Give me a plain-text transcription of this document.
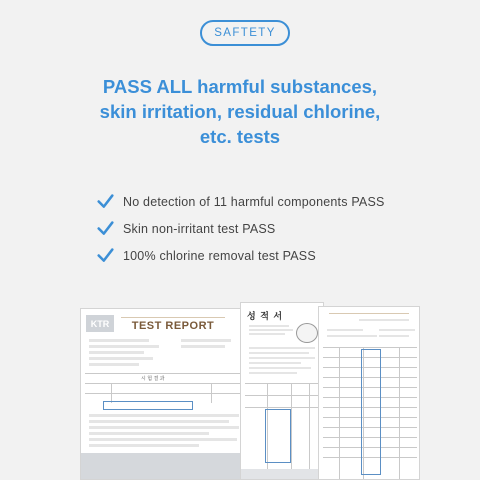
SAFTETY
PASS ALL harmful substances,
skin irritation, residual chlorine,
etc. tests
No detection of 11 harmful components PASS
Skin non-irritant test PASS
100% chlorine removal test PASS
KTR	TEST REPORT
시 험 결 과
성 적 서
